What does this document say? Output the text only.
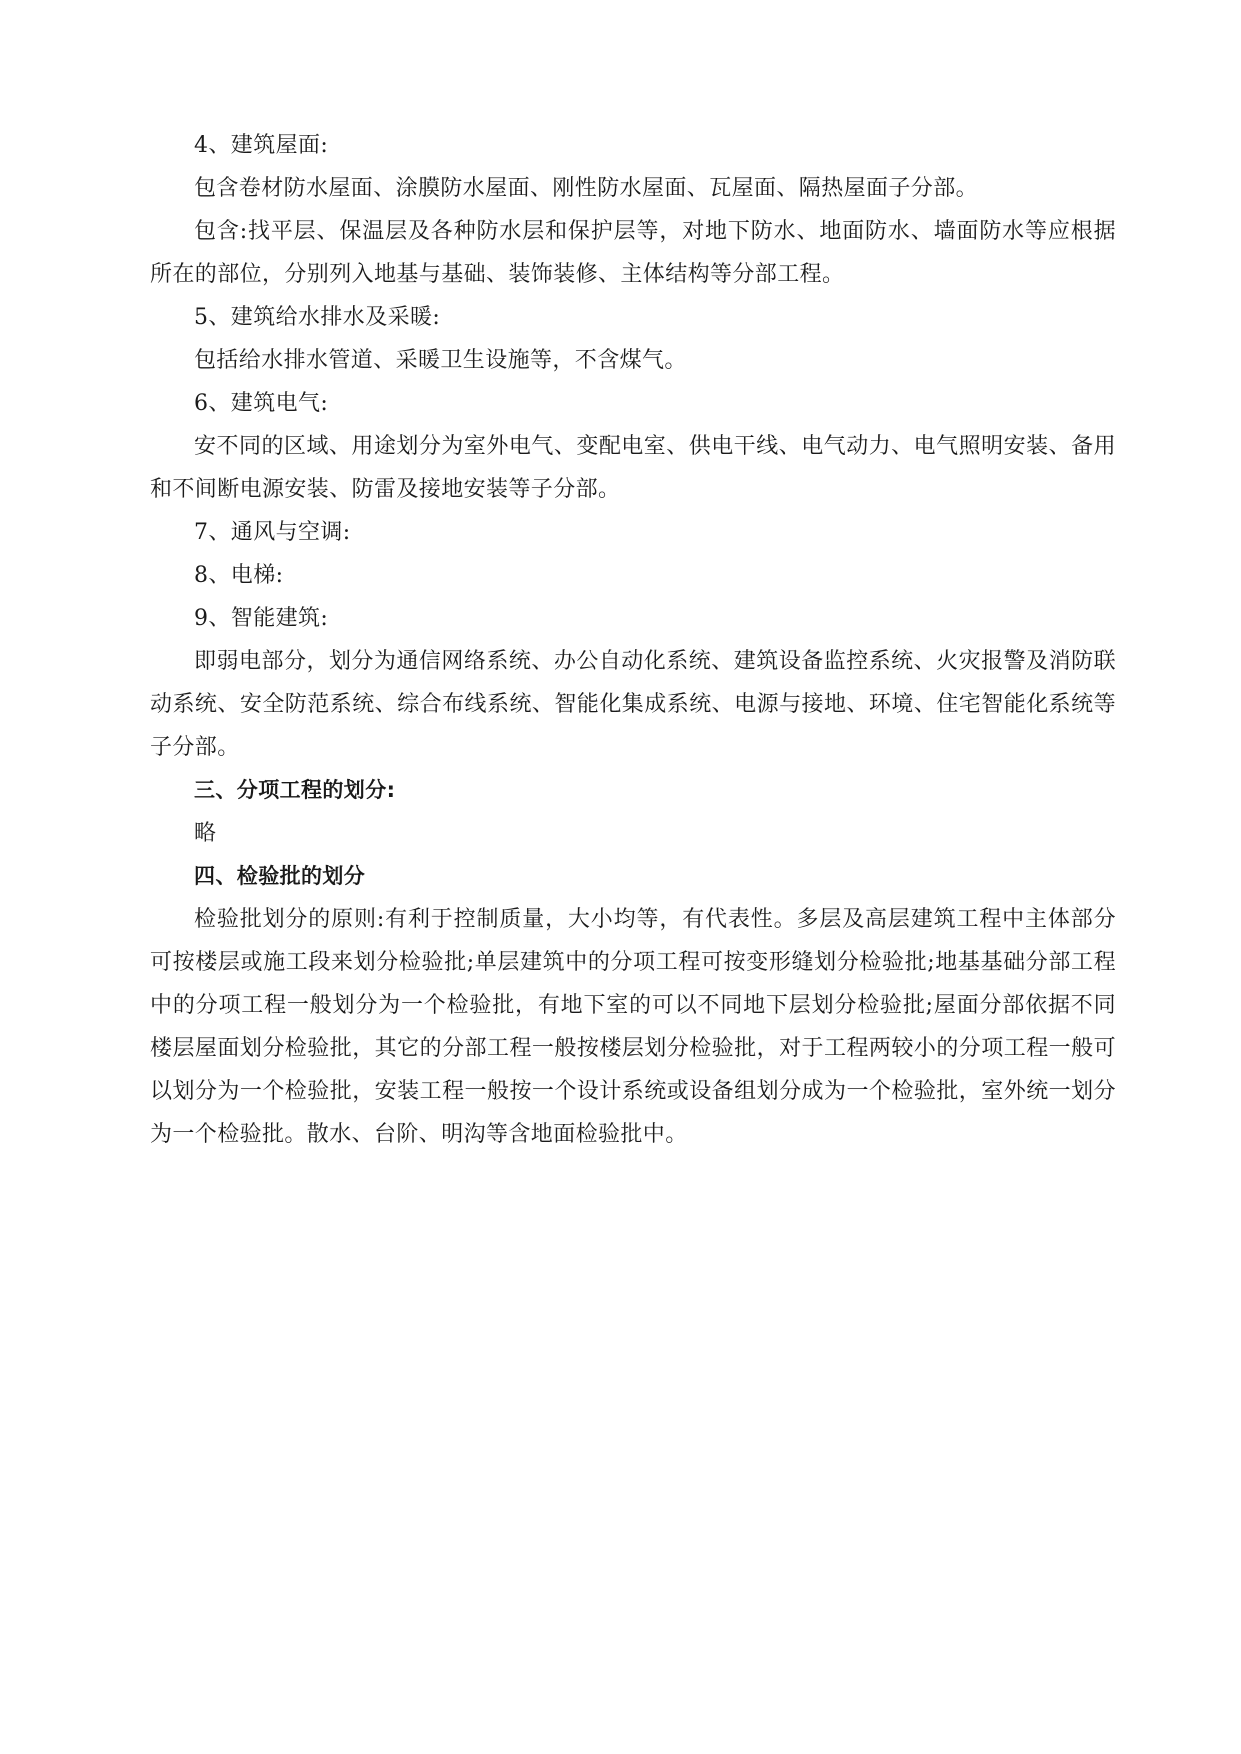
4、建筑屋面:

包含卷材防水屋面、涂膜防水屋面、刚性防水屋面、瓦屋面、隔热屋面子分部。

包含:找平层、保温层及各种防水层和保护层等，对地下防水、地面防水、墙面防水等应根据所在的部位，分别列入地基与基础、装饰装修、主体结构等分部工程。

5、建筑给水排水及采暖:

包括给水排水管道、采暖卫生设施等，不含煤气。

6、建筑电气:

安不同的区域、用途划分为室外电气、变配电室、供电干线、电气动力、电气照明安装、备用和不间断电源安装、防雷及接地安装等子分部。

7、通风与空调:

8、电梯:

9、智能建筑:

即弱电部分，划分为通信网络系统、办公自动化系统、建筑设备监控系统、火灾报警及消防联动系统、安全防范系统、综合布线系统、智能化集成系统、电源与接地、环境、住宅智能化系统等子分部。

三、分项工程的划分:

略

四、检验批的划分

检验批划分的原则:有利于控制质量，大小均等，有代表性。多层及高层建筑工程中主体部分可按楼层或施工段来划分检验批;单层建筑中的分项工程可按变形缝划分检验批;地基基础分部工程中的分项工程一般划分为一个检验批，有地下室的可以不同地下层划分检验批;屋面分部依据不同楼层屋面划分检验批，其它的分部工程一般按楼层划分检验批，对于工程两较小的分项工程一般可以划分为一个检验批，安装工程一般按一个设计系统或设备组划分成为一个检验批，室外统一划分为一个检验批。散水、台阶、明沟等含地面检验批中。
